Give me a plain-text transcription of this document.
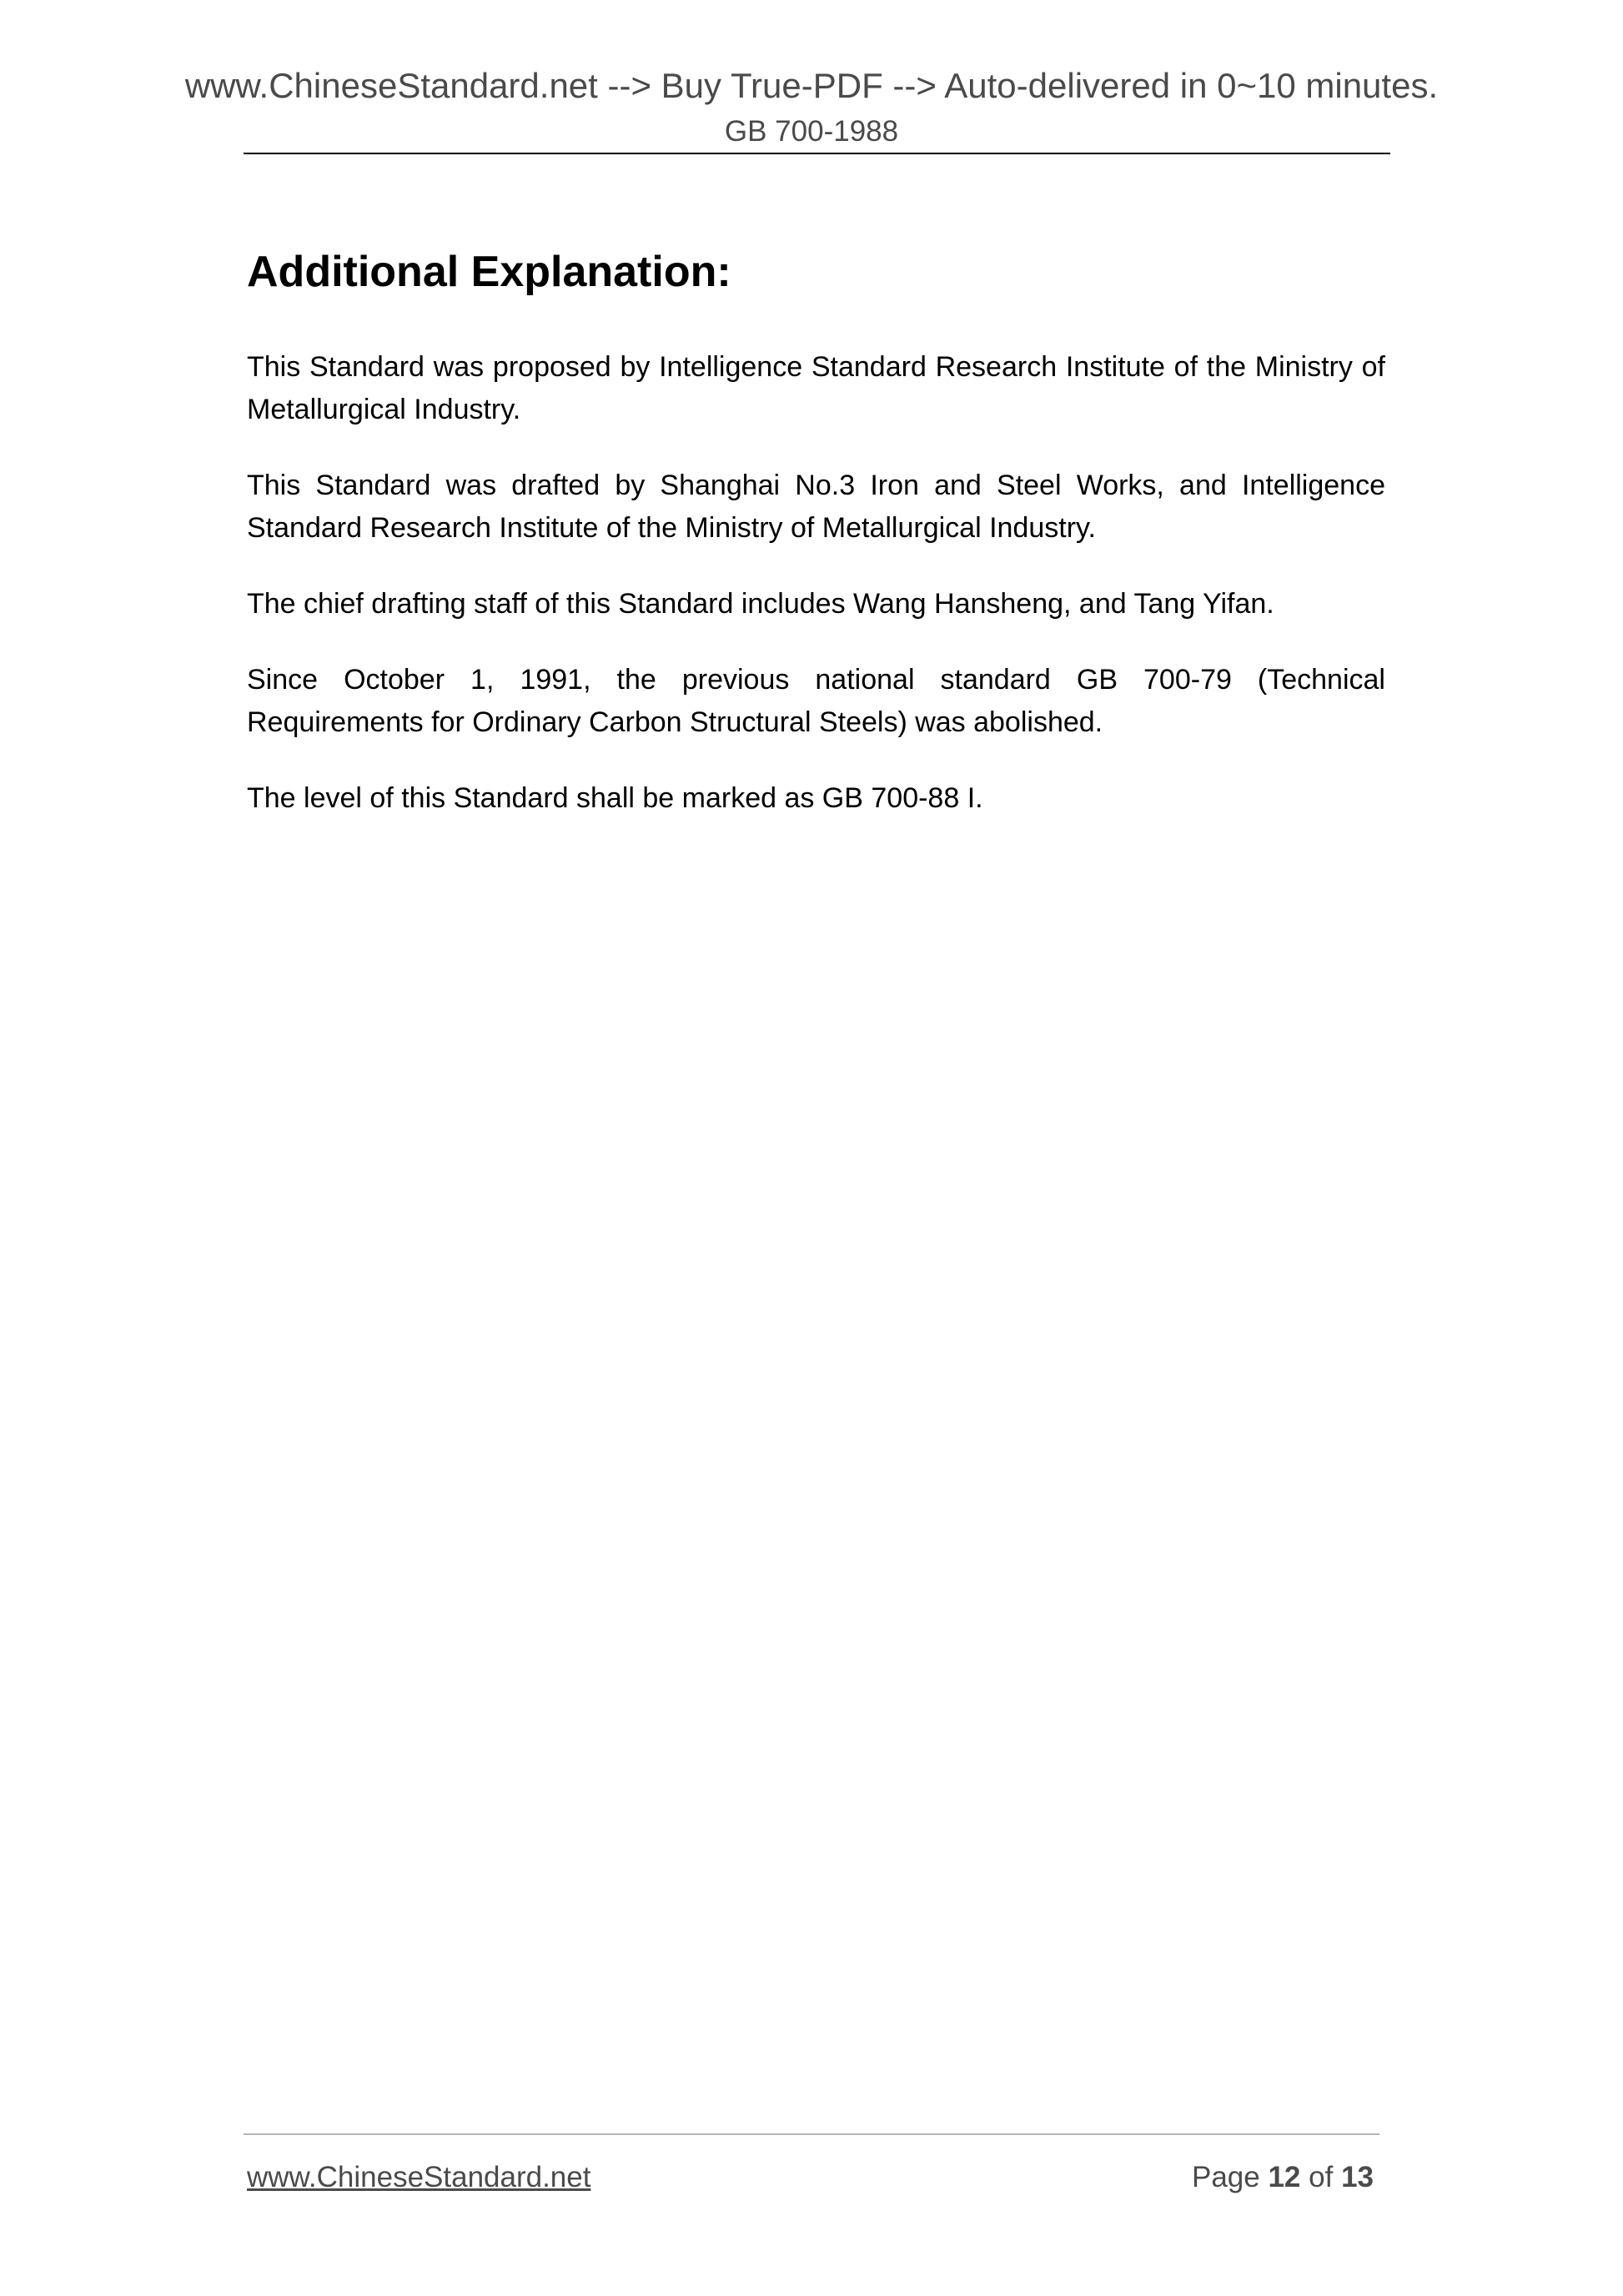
www.ChineseStandard.net --> Buy True-PDF --> Auto-delivered in 0~10 minutes.
GB 700-1988
Additional Explanation:

This Standard was proposed by Intelligence Standard Research Institute of the Ministry of Metallurgical Industry.

This Standard was drafted by Shanghai No.3 Iron and Steel Works, and Intelligence Standard Research Institute of the Ministry of Metallurgical Industry.

The chief drafting staff of this Standard includes Wang Hansheng, and Tang Yifan.

Since October 1, 1991, the previous national standard GB 700-79 (Technical Requirements for Ordinary Carbon Structural Steels) was abolished.

The level of this Standard shall be marked as GB 700-88 I.

www.ChineseStandard.net	Page 12 of 13
